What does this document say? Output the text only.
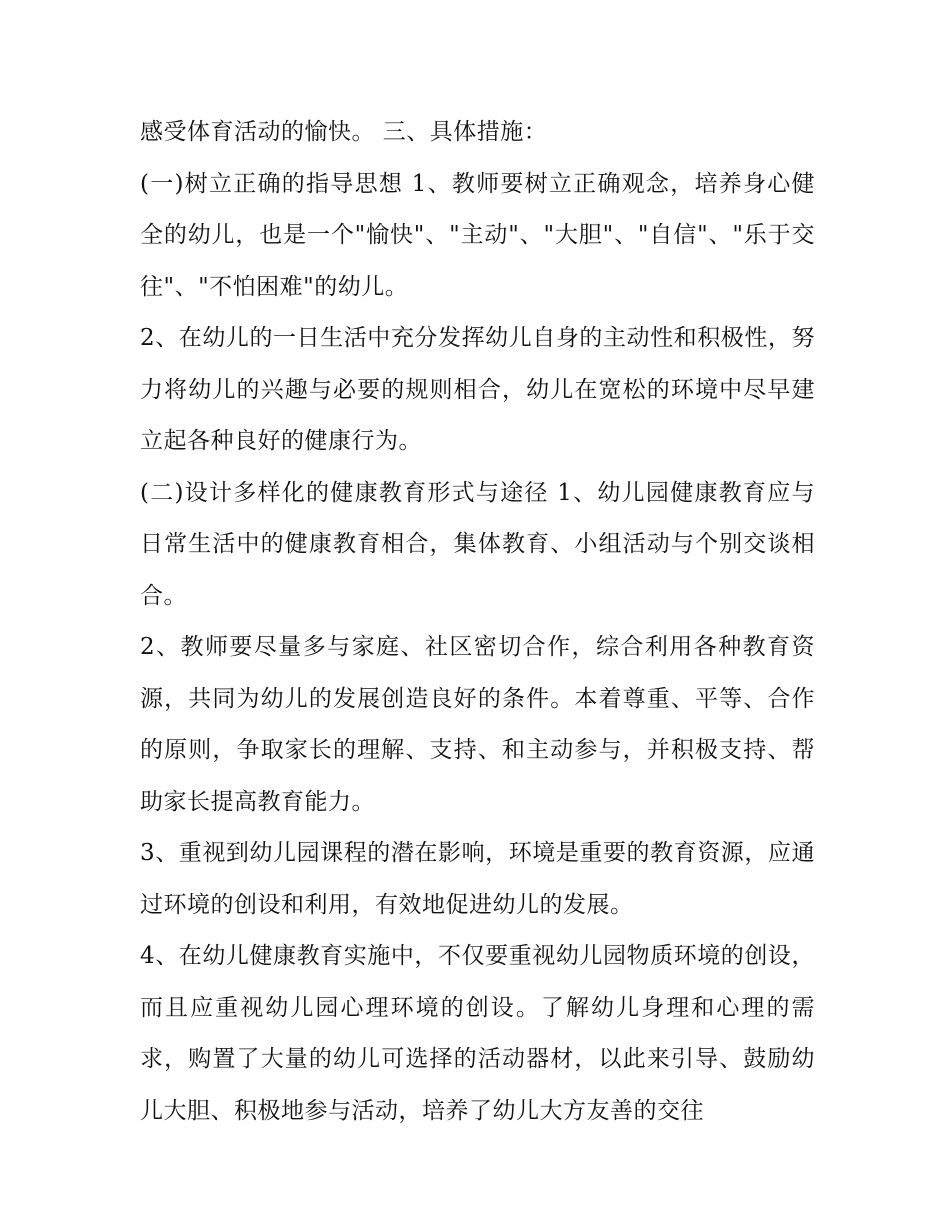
感受体育活动的愉快。 三、具体措施：

(一)树立正确的指导思想 1、教师要树立正确观念，培养身心健全的幼儿，也是一个"愉快"、"主动"、"大胆"、"自信"、"乐于交往"、"不怕困难"的幼儿。

2、在幼儿的一日生活中充分发挥幼儿自身的主动性和积极性，努力将幼儿的兴趣与必要的规则相合，幼儿在宽松的环境中尽早建立起各种良好的健康行为。

(二)设计多样化的健康教育形式与途径 1、幼儿园健康教育应与日常生活中的健康教育相合，集体教育、小组活动与个别交谈相合。

2、教师要尽量多与家庭、社区密切合作，综合利用各种教育资源，共同为幼儿的发展创造良好的条件。本着尊重、平等、合作的原则，争取家长的理解、支持、和主动参与，并积极支持、帮助家长提高教育能力。

3、重视到幼儿园课程的潜在影响，环境是重要的教育资源，应通过环境的创设和利用，有效地促进幼儿的发展。

4、在幼儿健康教育实施中，不仅要重视幼儿园物质环境的创设，而且应重视幼儿园心理环境的创设。了解幼儿身理和心理的需求，购置了大量的幼儿可选择的活动器材，以此来引导、鼓励幼儿大胆、积极地参与活动，培养了幼儿大方友善的交往
